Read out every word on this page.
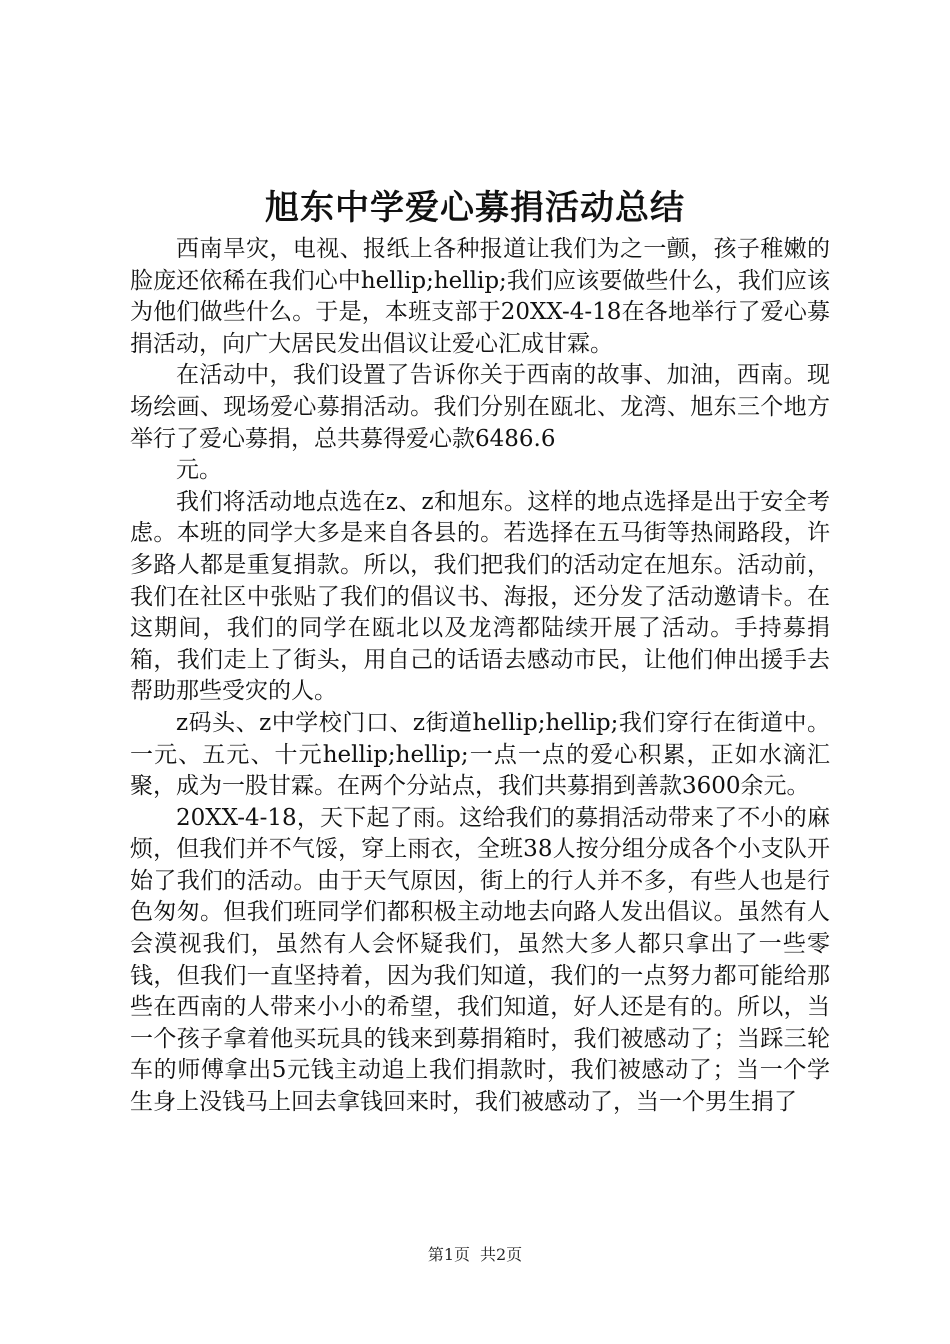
旭东中学爱心募捐活动总结

西南旱灾，电视、报纸上各种报道让我们为之一颤，孩子稚嫩的脸庞还依稀在我们心中hellip;hellip;我们应该要做些什么，我们应该为他们做些什么。于是，本班支部于20XX-4-18在各地举行了爱心募捐活动，向广大居民发出倡议让爱心汇成甘霖。

在活动中，我们设置了告诉你关于西南的故事、加油，西南。现场绘画、现场爱心募捐活动。我们分别在瓯北、龙湾、旭东三个地方举行了爱心募捐，总共募得爱心款6486.6

元。

我们将活动地点选在z、z和旭东。这样的地点选择是出于安全考虑。本班的同学大多是来自各县的。若选择在五马街等热闹路段，许多路人都是重复捐款。所以，我们把我们的活动定在旭东。活动前，我们在社区中张贴了我们的倡议书、海报，还分发了活动邀请卡。在这期间，我们的同学在瓯北以及龙湾都陆续开展了活动。手持募捐箱，我们走上了街头，用自己的话语去感动市民，让他们伸出援手去帮助那些受灾的人。

z码头、z中学校门口、z街道hellip;hellip;我们穿行在街道中。一元、五元、十元hellip;hellip;一点一点的爱心积累，正如水滴汇聚，成为一股甘霖。在两个分站点，我们共募捐到善款3600余元。

20XX-4-18，天下起了雨。这给我们的募捐活动带来了不小的麻烦，但我们并不气馁，穿上雨衣，全班38人按分组分成各个小支队开始了我们的活动。由于天气原因，街上的行人并不多，有些人也是行色匆匆。但我们班同学们都积极主动地去向路人发出倡议。虽然有人会漠视我们，虽然有人会怀疑我们，虽然大多人都只拿出了一些零钱，但我们一直坚持着，因为我们知道，我们的一点努力都可能给那些在西南的人带来小小的希望，我们知道，好人还是有的。所以，当一个孩子拿着他买玩具的钱来到募捐箱时，我们被感动了；当踩三轮车的师傅拿出5元钱主动追上我们捐款时，我们被感动了；当一个学生身上没钱马上回去拿钱回来时，我们被感动了，当一个男生捐了

第1页 共2页
